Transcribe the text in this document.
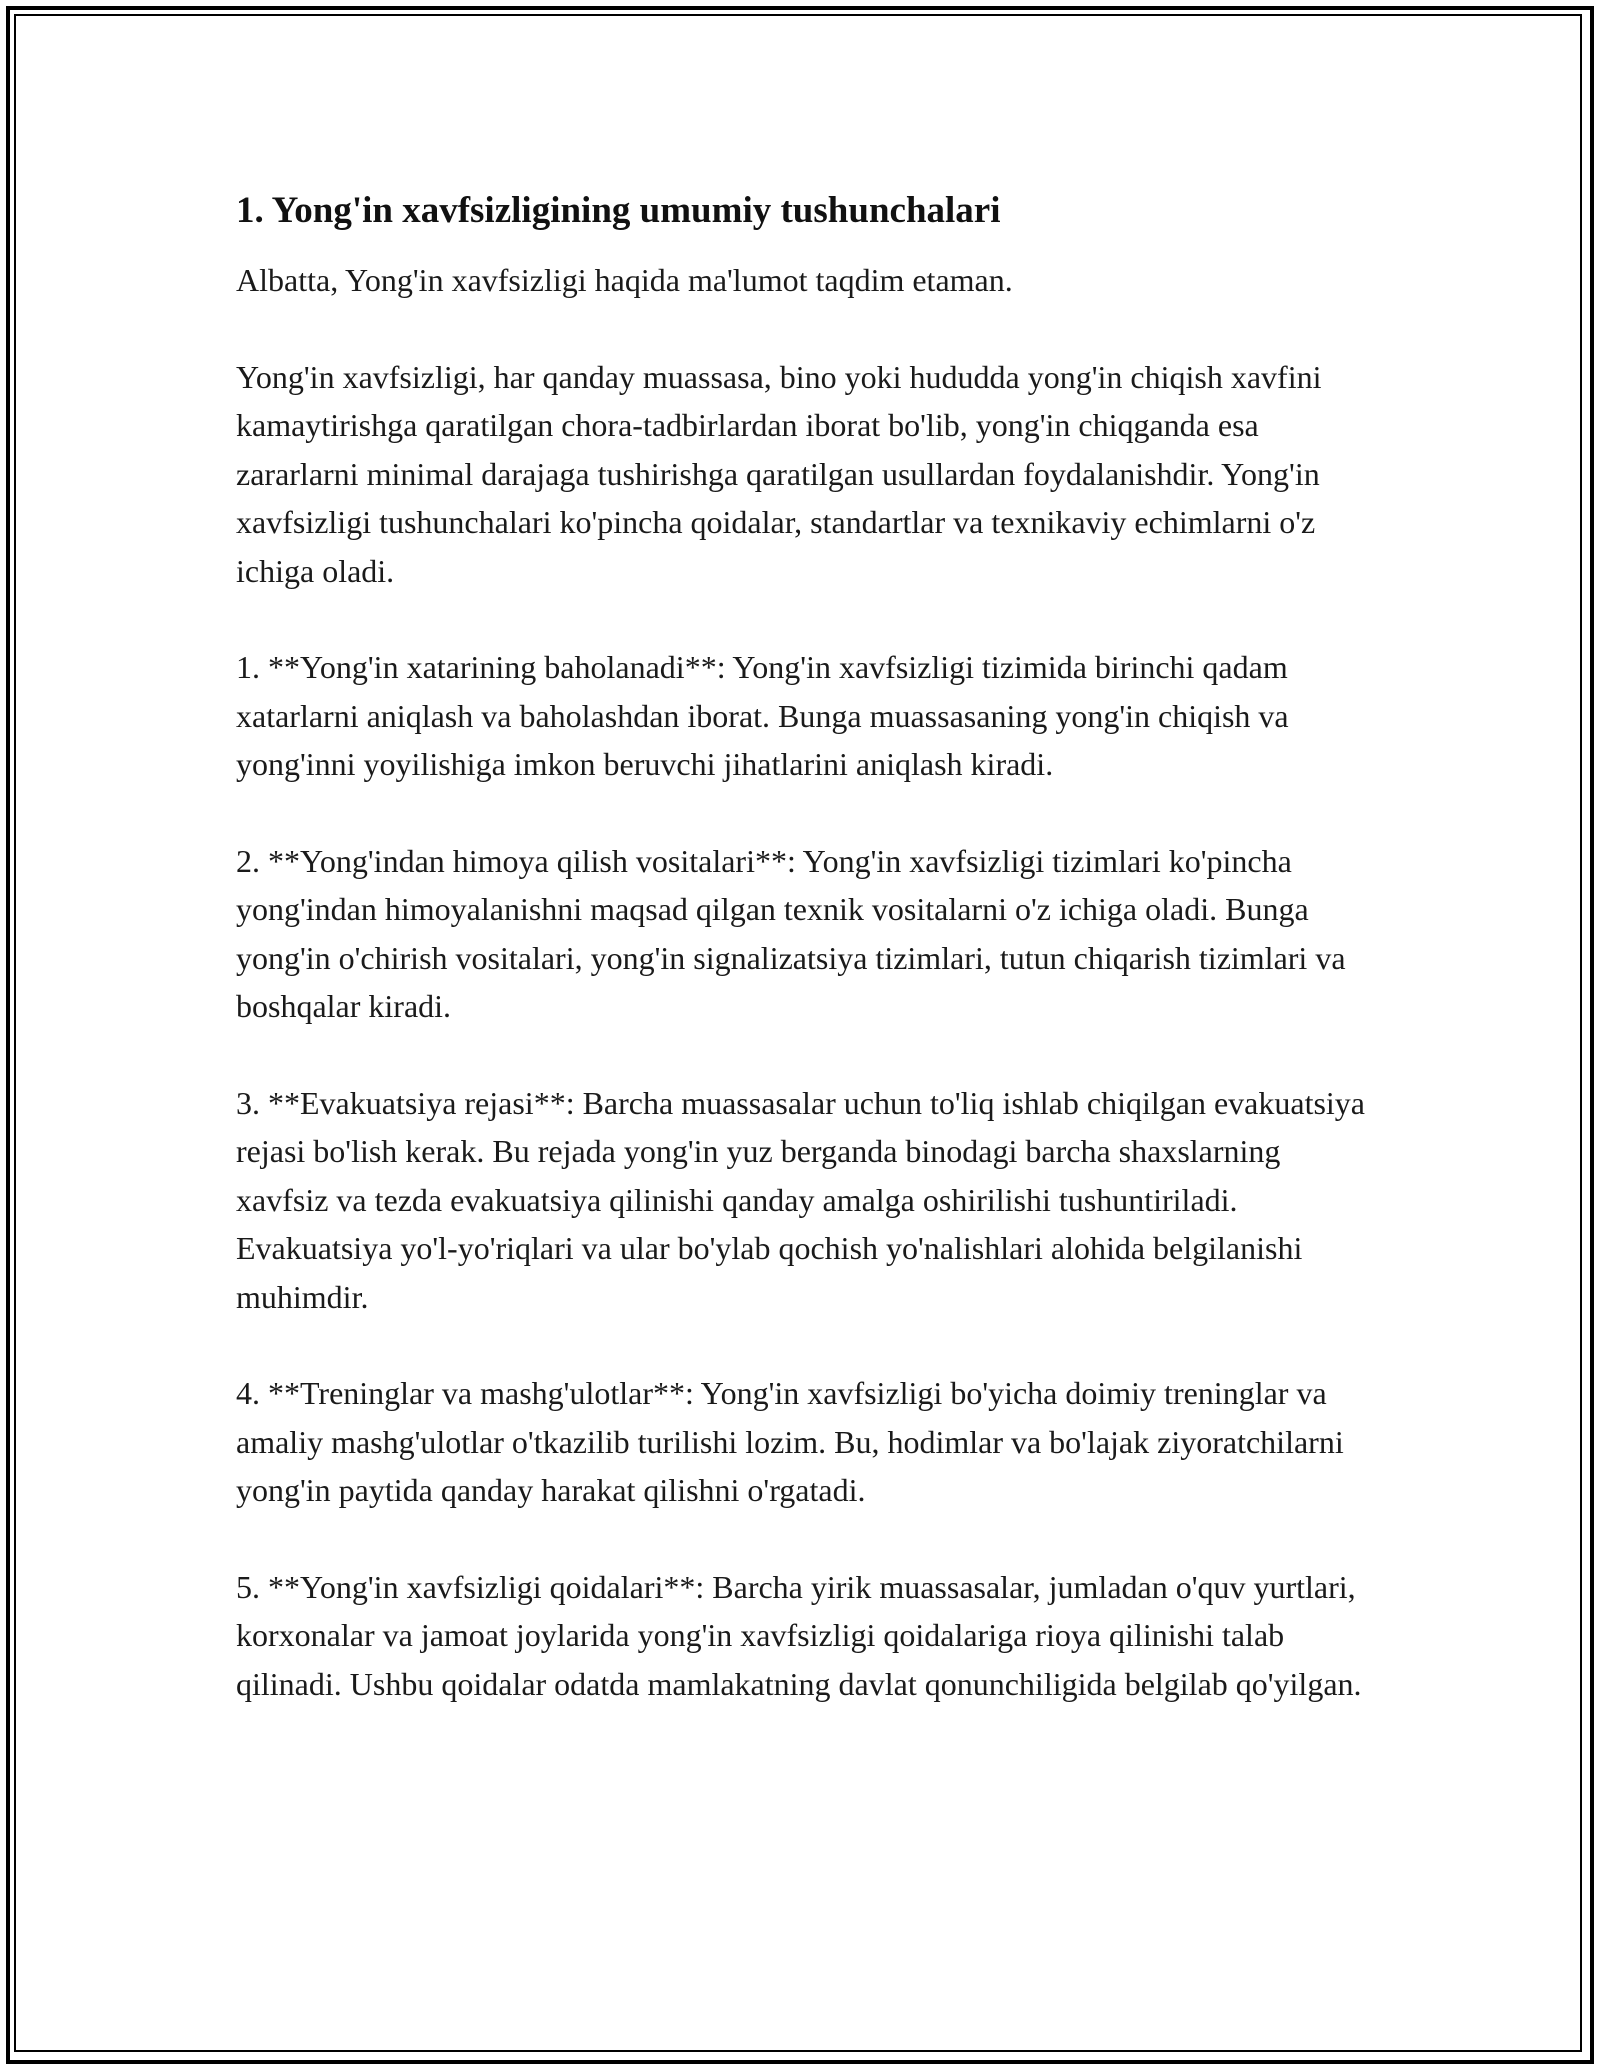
1. Yong'in xavfsizligining umumiy tushunchalari

Albatta, Yong'in xavfsizligi haqida ma'lumot taqdim etaman.

Yong'in xavfsizligi, har qanday muassasa, bino yoki hududda yong'in chiqish xavfini kamaytirishga qaratilgan chora-tadbirlardan iborat bo'lib, yong'in chiqganda esa zararlarni minimal darajaga tushirishga qaratilgan usullardan foydalanishdir. Yong'in xavfsizligi tushunchalari ko'pincha qoidalar, standartlar va texnikaviy echimlarni o'z ichiga oladi.

1. **Yong'in xatarining baholanadi**: Yong'in xavfsizligi tizimida birinchi qadam xatarlarni aniqlash va baholashdan iborat. Bunga muassasaning yong'in chiqish va yong'inni yoyilishiga imkon beruvchi jihatlarini aniqlash kiradi.

2. **Yong'indan himoya qilish vositalari**: Yong'in xavfsizligi tizimlari ko'pincha yong'indan himoyalanishni maqsad qilgan texnik vositalarni o'z ichiga oladi. Bunga yong'in o'chirish vositalari, yong'in signalizatsiya tizimlari, tutun chiqarish tizimlari va boshqalar kiradi.

3. **Evakuatsiya rejasi**: Barcha muassasalar uchun to'liq ishlab chiqilgan evakuatsiya rejasi bo'lish kerak. Bu rejada yong'in yuz berganda binodagi barcha shaxslarning xavfsiz va tezda evakuatsiya qilinishi qanday amalga oshirilishi tushuntiriladi. Evakuatsiya yo'l-yo'riqlari va ular bo'ylab qochish yo'nalishlari alohida belgilanishi muhimdir.

4. **Treninglar va mashg'ulotlar**: Yong'in xavfsizligi bo'yicha doimiy treninglar va amaliy mashg'ulotlar o'tkazilib turilishi lozim. Bu, hodimlar va bo'lajak ziyoratchilarni yong'in paytida qanday harakat qilishni o'rgatadi.

5. **Yong'in xavfsizligi qoidalari**: Barcha yirik muassasalar, jumladan o'quv yurtlari, korxonalar va jamoat joylarida yong'in xavfsizligi qoidalariga rioya qilinishi talab qilinadi. Ushbu qoidalar odatda mamlakatning davlat qonunchiligida belgilab qo'yilgan.
